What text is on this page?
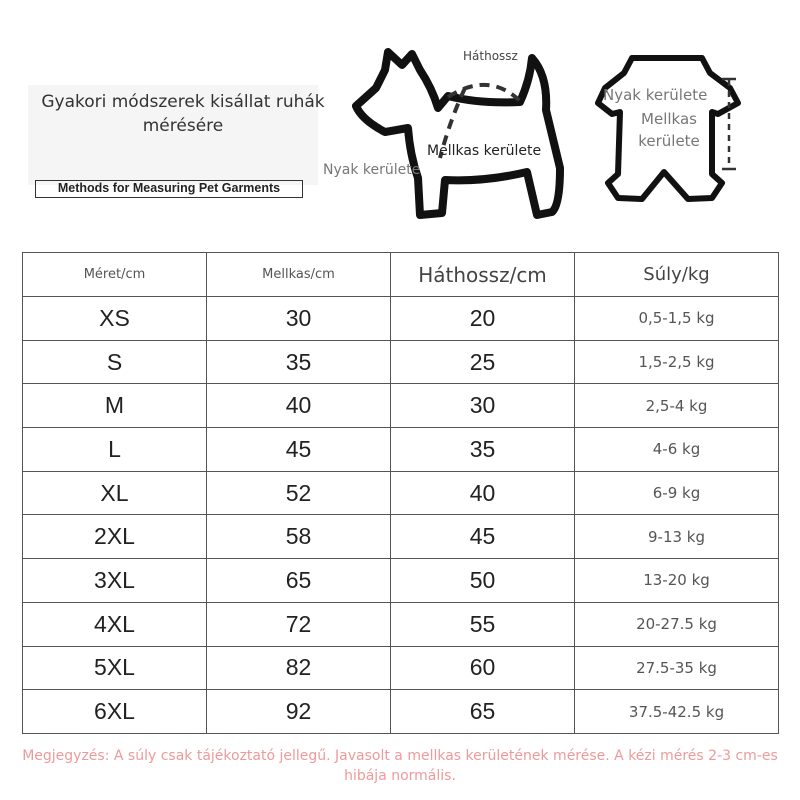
Gyakori módszerek kisállat ruhák mérésére
Methods for Measuring Pet Garments
Háthossz
Mellkas kerülete
Nyak kerülete
Nyak kerülete
Mellkas kerülete
Méret/cm	Mellkas/cm	Háthossz/cm	Súly/kg
XS	30	20	0,5-1,5 kg
S	35	25	1,5-2,5 kg
M	40	30	2,5-4 kg
L	45	35	4-6 kg
XL	52	40	6-9 kg
2XL	58	45	9-13 kg
3XL	65	50	13-20 kg
4XL	72	55	20-27.5 kg
5XL	82	60	27.5-35 kg
6XL	92	65	37.5-42.5 kg
Megjegyzés: A súly csak tájékoztató jellegű. Javasolt a mellkas kerületének mérése. A kézi mérés 2-3 cm-es hibája normális.
